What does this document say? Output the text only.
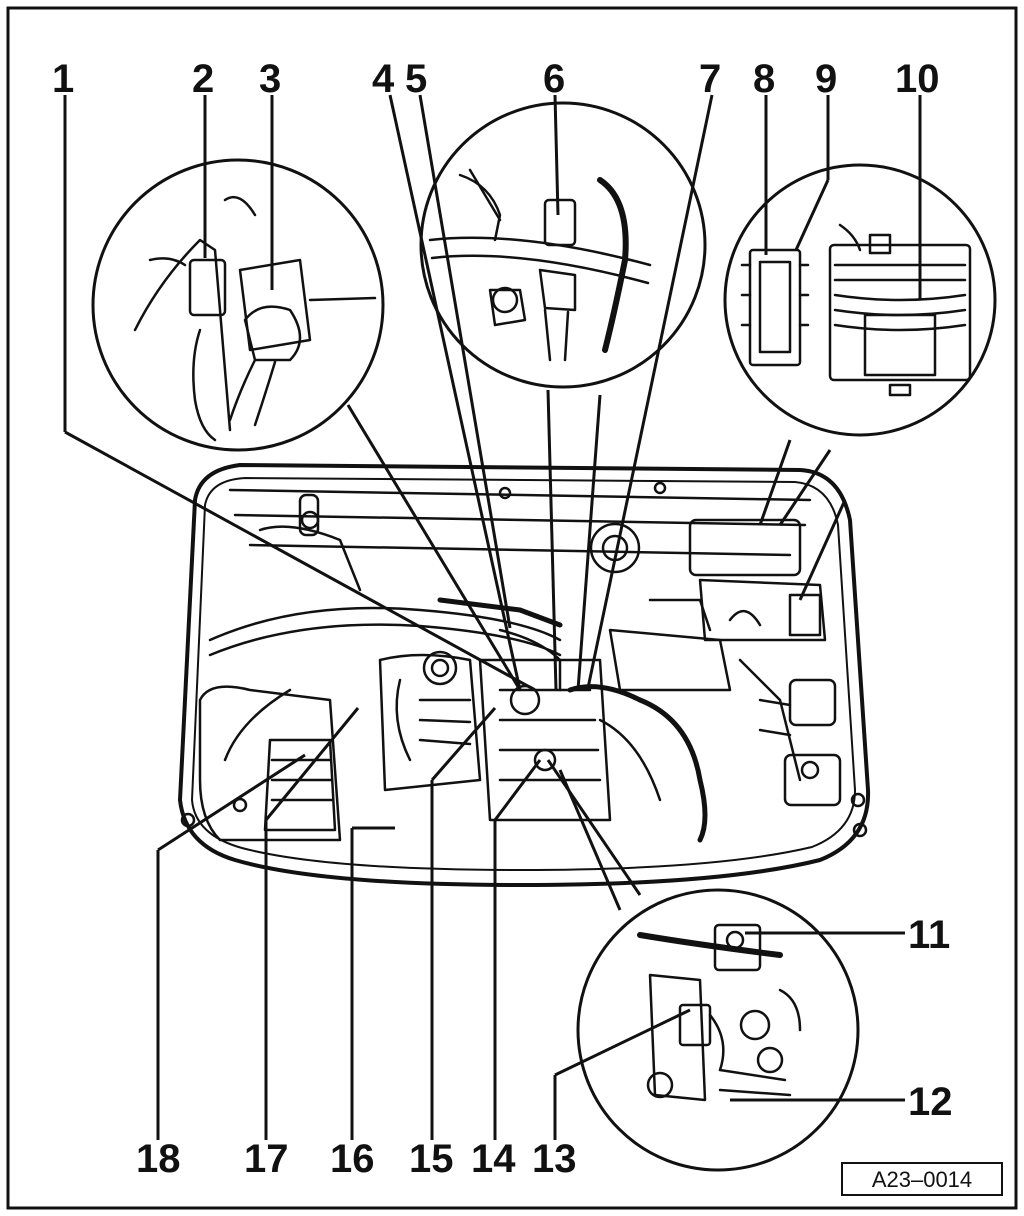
1	2 3 4 5	6	7 8 9 10
11
12
13
14
15
16
17
18	A23–0014
